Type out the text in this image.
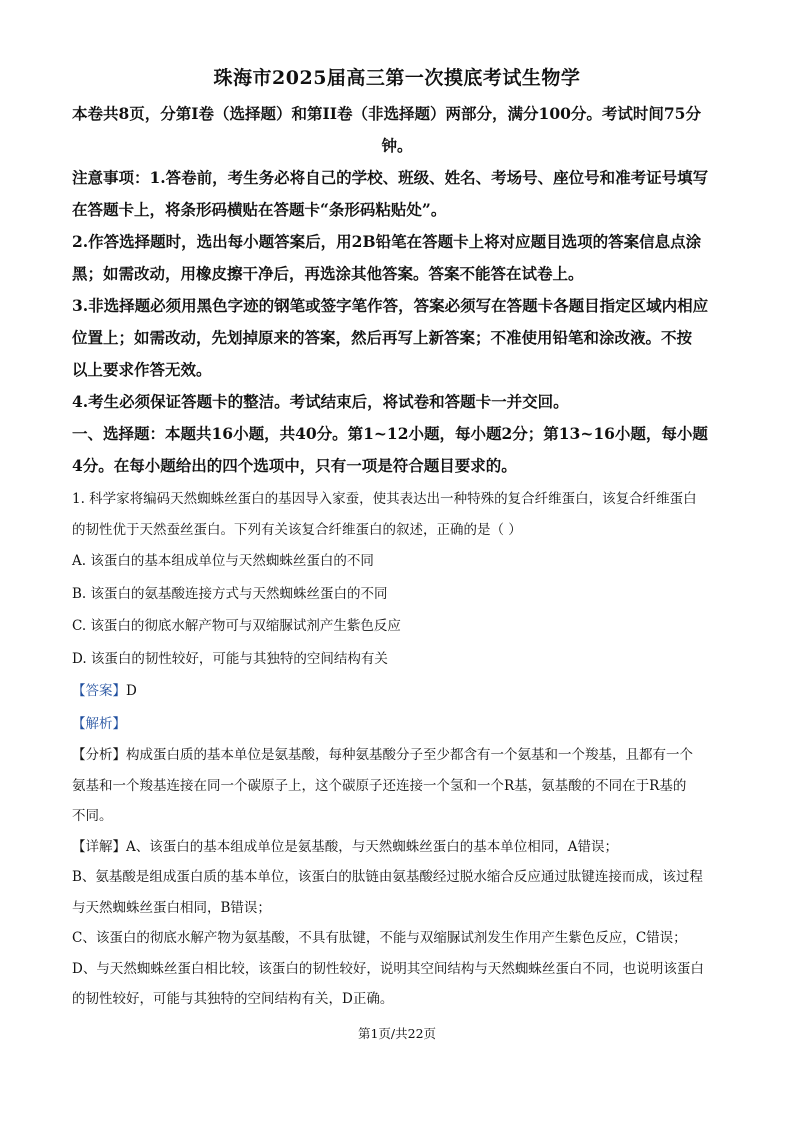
珠海市2025届高三第一次摸底考试生物学

本卷共8页，分第I卷（选择题）和第II卷（非选择题）两部分，满分100分。考试时间75分

钟。

注意事项：1.答卷前，考生务必将自己的学校、班级、姓名、考场号、座位号和准考证号填写

在答题卡上，将条形码横贴在答题卡“条形码粘贴处”。

2.作答选择题时，选出每小题答案后，用2B铅笔在答题卡上将对应题目选项的答案信息点涂

黑；如需改动，用橡皮擦干净后，再选涂其他答案。答案不能答在试卷上。

3.非选择题必须用黑色字迹的钢笔或签字笔作答，答案必须写在答题卡各题目指定区域内相应

位置上；如需改动，先划掉原来的答案，然后再写上新答案；不准使用铅笔和涂改液。不按

以上要求作答无效。

4.考生必须保证答题卡的整洁。考试结束后，将试卷和答题卡一并交回。

一、选择题：本题共16小题，共40分。第1~12小题，每小题2分；第13~16小题，每小题

4分。在每小题给出的四个选项中，只有一项是符合题目要求的。

1. 科学家将编码天然蜘蛛丝蛋白的基因导入家蚕，使其表达出一种特殊的复合纤维蛋白，该复合纤维蛋白

的韧性优于天然蚕丝蛋白。下列有关该复合纤维蛋白的叙述，正确的是（ ）

A. 该蛋白的基本组成单位与天然蜘蛛丝蛋白的不同

B. 该蛋白的氨基酸连接方式与天然蜘蛛丝蛋白的不同

C. 该蛋白的彻底水解产物可与双缩脲试剂产生紫色反应

D. 该蛋白的韧性较好，可能与其独特的空间结构有关

【答案】D

【解析】

【分析】构成蛋白质的基本单位是氨基酸，每种氨基酸分子至少都含有一个氨基和一个羧基，且都有一个

氨基和一个羧基连接在同一个碳原子上，这个碳原子还连接一个氢和一个R基，氨基酸的不同在于R基的

不同。

【详解】A、该蛋白的基本组成单位是氨基酸，与天然蜘蛛丝蛋白的基本单位相同，A错误；

B、氨基酸是组成蛋白质的基本单位，该蛋白的肽链由氨基酸经过脱水缩合反应通过肽键连接而成，该过程

与天然蜘蛛丝蛋白相同，B错误；

C、该蛋白的彻底水解产物为氨基酸，不具有肽键，不能与双缩脲试剂发生作用产生紫色反应，C错误；

D、与天然蜘蛛丝蛋白相比较，该蛋白的韧性较好，说明其空间结构与天然蜘蛛丝蛋白不同，也说明该蛋白

的韧性较好，可能与其独特的空间结构有关，D正确。

第1页/共22页
